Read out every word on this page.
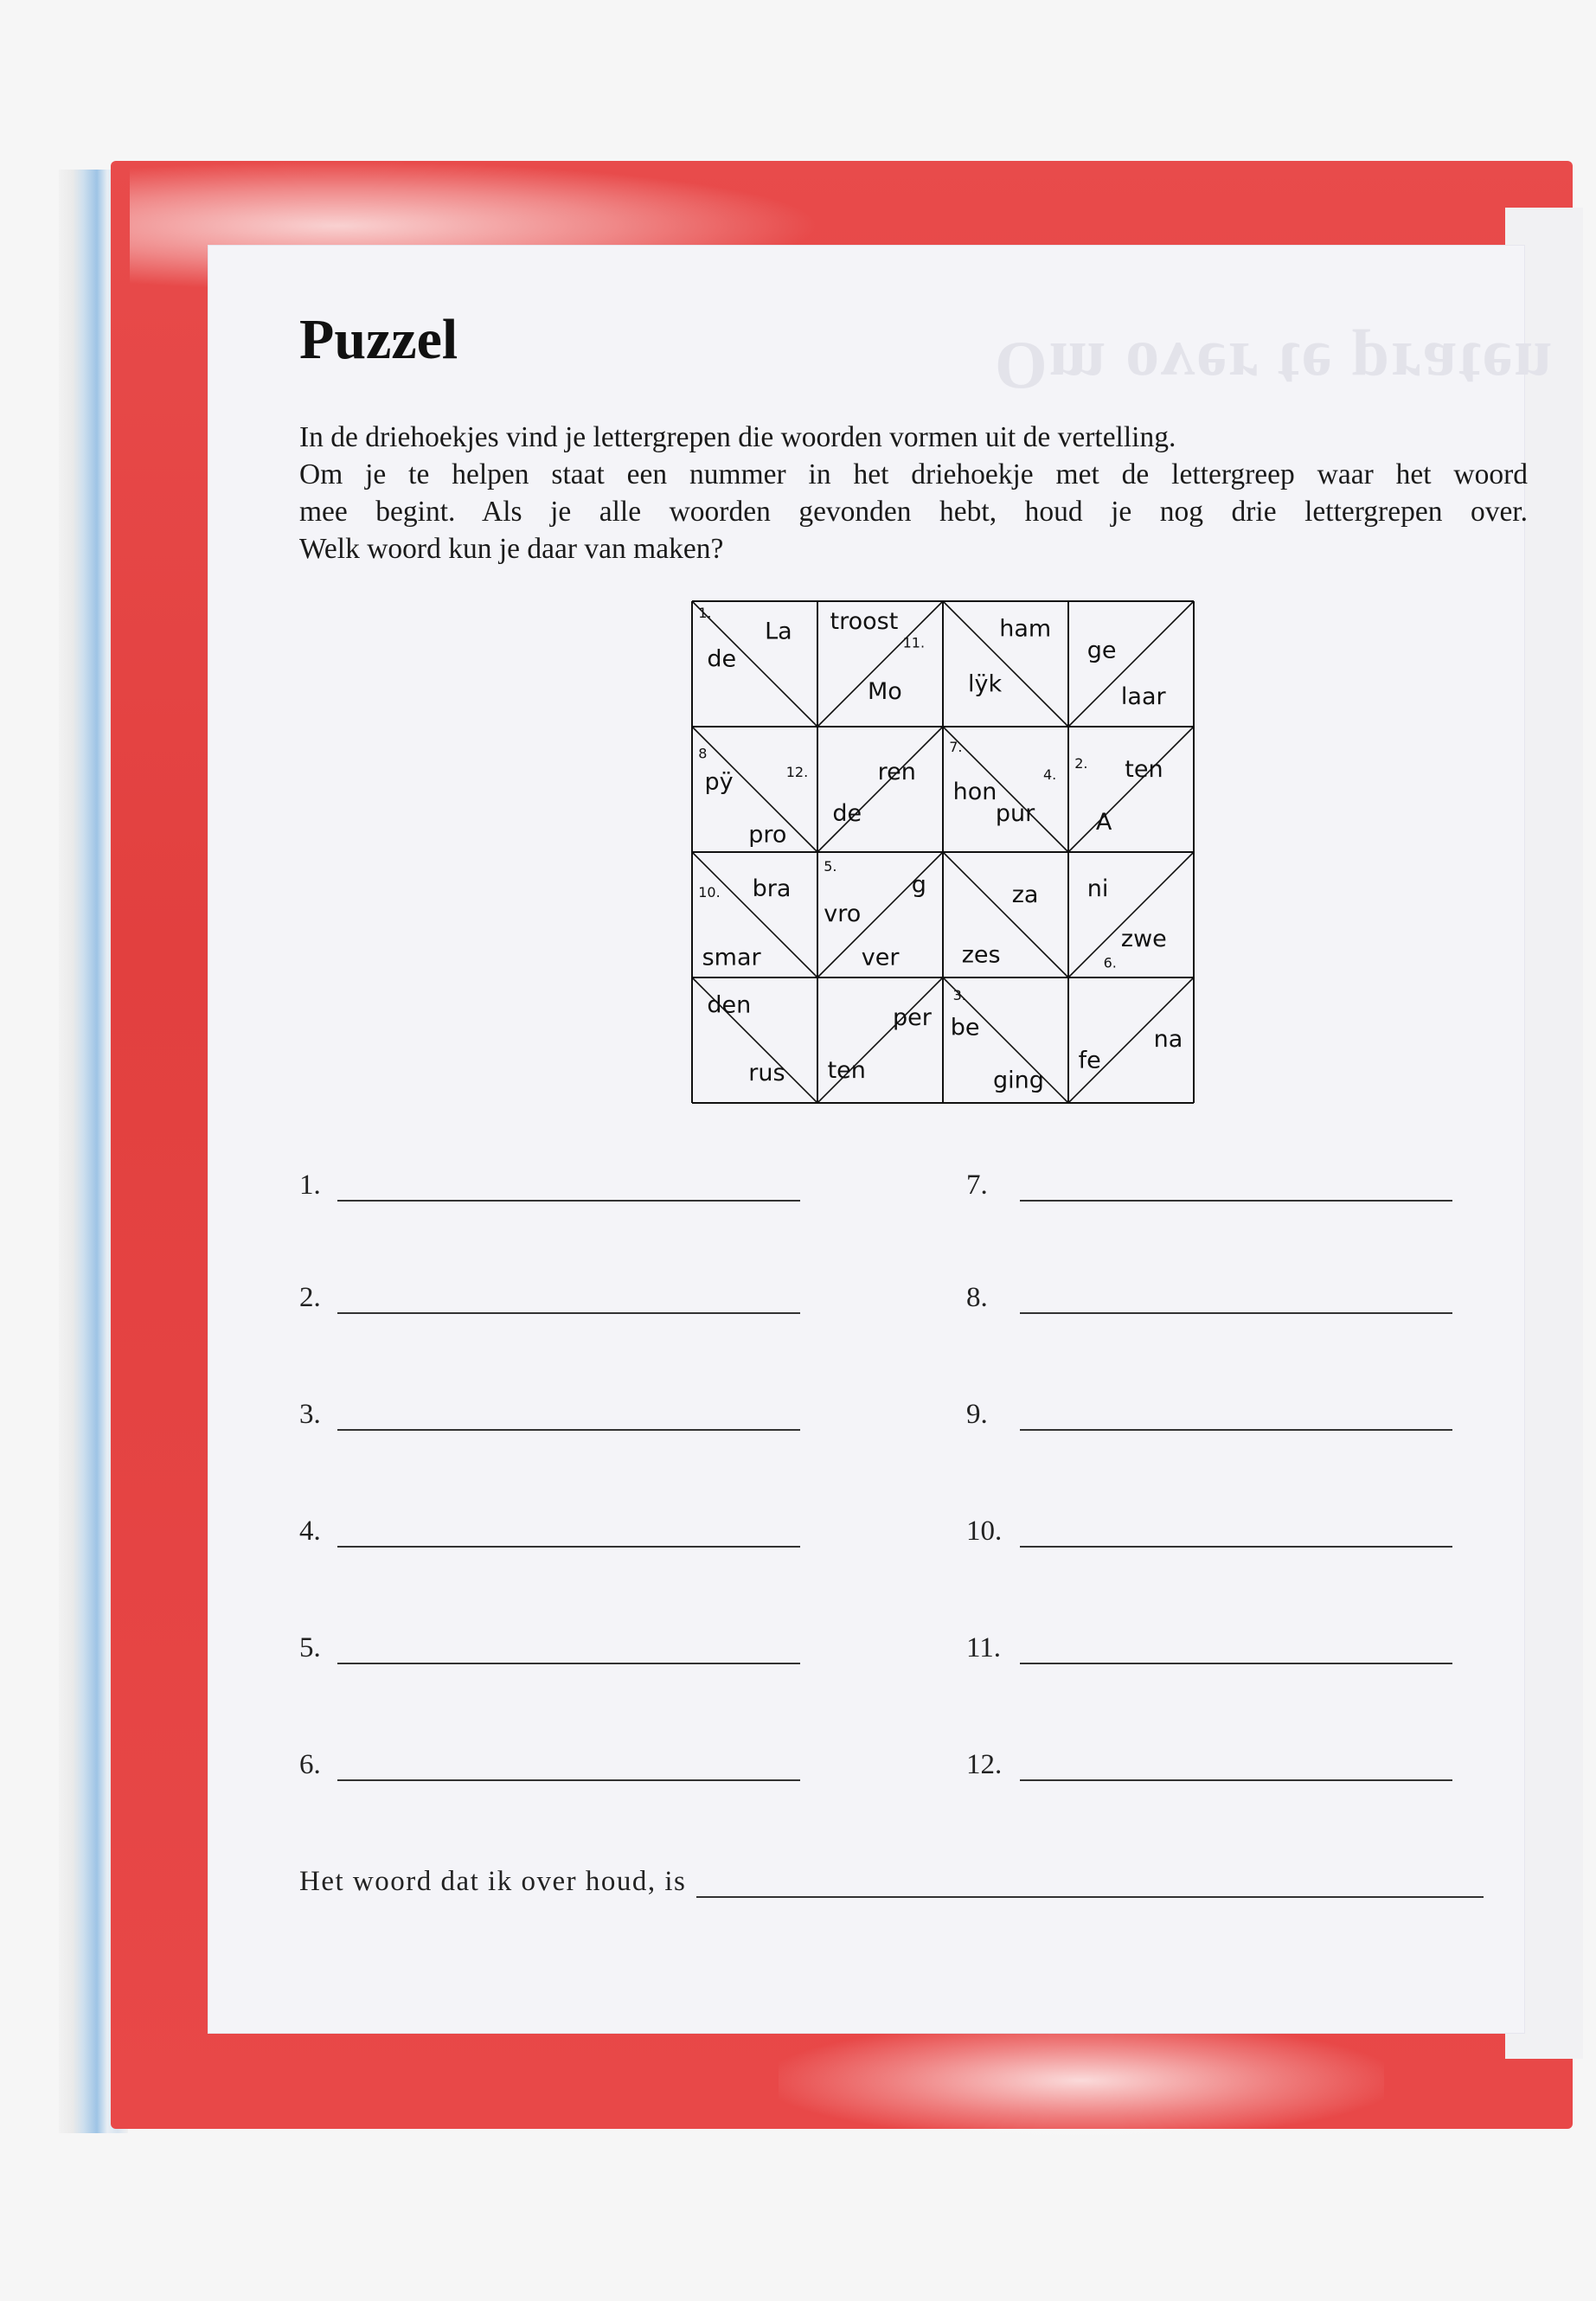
Om over te praten
Puzzel

In de driehoekjes vind je lettergrepen die woorden vormen uit de vertelling.

Om je te helpen staat een nummer in het driehoekje met de lettergreep waar het woord

mee begint. Als je alle woorden gevonden hebt, houd je nog drie lettergrepen over.

Welk woord kun je daar van maken?

La
de
troost
Mo
ham
lÿk
ge
laar
pÿ
pro
ren
de
hon
pur
ten
A
bra
smar
vro
g
ver
za
zes
ni
zwe
den
rus
per
ten
be
ging
fe
na
1.
11.
8
12.
7.
4.
2.
10.
5.
6.
3.
1.
2.
3.
4.
5.
6.
7.
8.
9.
10.
11.
12.
Het woord dat ik over houd, is
